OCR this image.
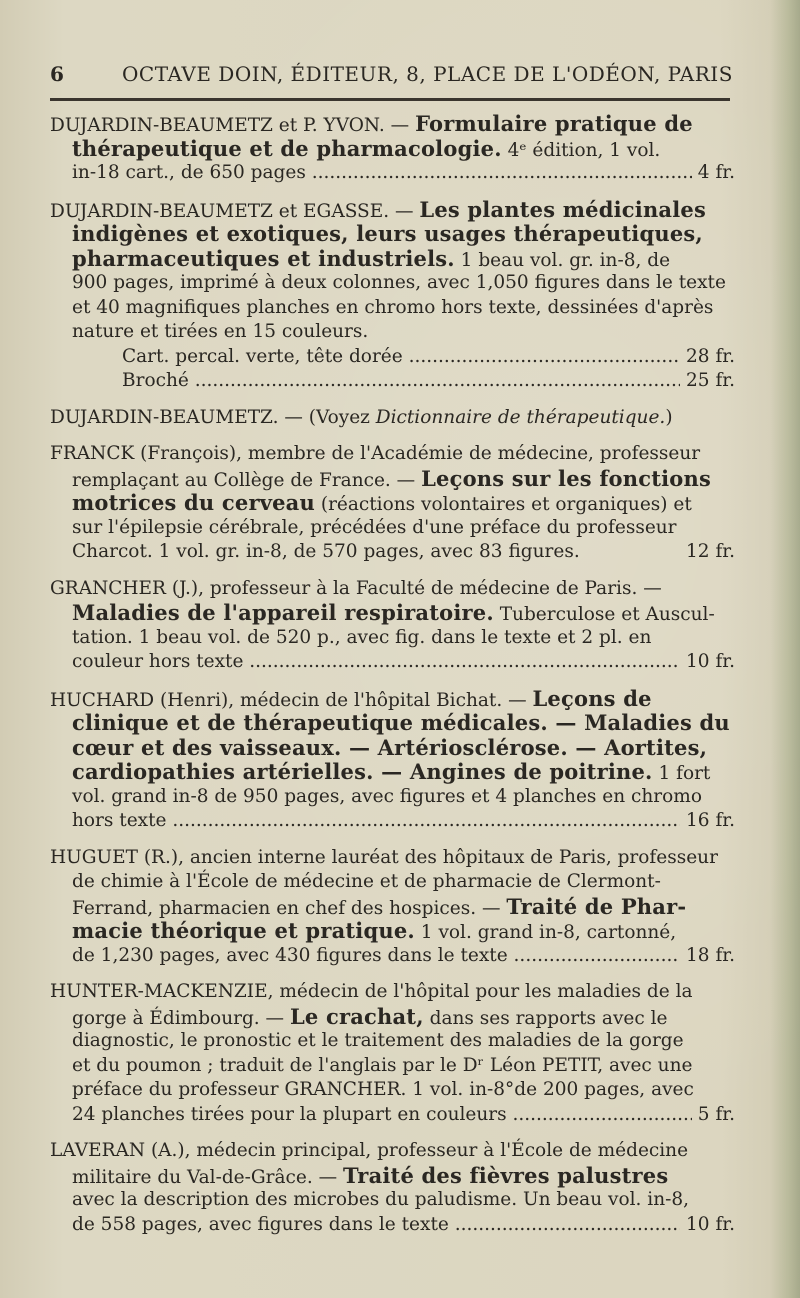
6	OCTAVE DOIN, ÉDITEUR, 8, PLACE DE L'ODÉON, PARIS
DUJARDIN-BEAUMETZ et P. YVON. — Formulaire pratique de
thérapeutique et de pharmacologie. 4ᵉ édition, 1 vol.
in-18 cart., de 650 pages .....	4 fr.
DUJARDIN-BEAUMETZ et EGASSE. — Les plantes médicinales
indigènes et exotiques, leurs usages thérapeutiques,
pharmaceutiques et industriels. 1 beau vol. gr. in-8, de
900 pages, imprimé à deux colonnes, avec 1,050 figures dans le texte
et 40 magnifiques planches en chromo hors texte, dessinées d'après
nature et tirées en 15 couleurs.
Cart. percal. verte, tête dorée .....	28 fr.
Broché .....	25 fr.
DUJARDIN-BEAUMETZ. — (Voyez Dictionnaire de thérapeutique.)
FRANCK (François), membre de l'Académie de médecine, professeur
remplaçant au Collège de France. — Leçons sur les fonctions
motrices du cerveau (réactions volontaires et organiques) et
sur l'épilepsie cérébrale, précédées d'une préface du professeur
Charcot. 1 vol. gr. in-8, de 570 pages, avec 83 figures.	12 fr.
GRANCHER (J.), professeur à la Faculté de médecine de Paris. —
Maladies de l'appareil respiratoire. Tuberculose et Auscul-
tation. 1 beau vol. de 520 p., avec fig. dans le texte et 2 pl. en
couleur hors texte .....	10 fr.
HUCHARD (Henri), médecin de l'hôpital Bichat. — Leçons de
clinique et de thérapeutique médicales. — Maladies du
cœur et des vaisseaux. — Artériosclérose. — Aortites,
cardiopathies artérielles. — Angines de poitrine. 1 fort
vol. grand in-8 de 950 pages, avec figures et 4 planches en chromo
hors texte .....	16 fr.
HUGUET (R.), ancien interne lauréat des hôpitaux de Paris, professeur
de chimie à l'École de médecine et de pharmacie de Clermont-
Ferrand, pharmacien en chef des hospices. — Traité de Phar-
macie théorique et pratique. 1 vol. grand in-8, cartonné,
de 1,230 pages, avec 430 figures dans le texte .....	18 fr.
HUNTER-MACKENZIE, médecin de l'hôpital pour les maladies de la
gorge à Édimbourg. — Le crachat, dans ses rapports avec le
diagnostic, le pronostic et le traitement des maladies de la gorge
et du poumon ; traduit de l'anglais par le Dʳ Léon PETIT, avec une
préface du professeur GRANCHER. 1 vol. in-8°de 200 pages, avec
24 planches tirées pour la plupart en couleurs .....	5 fr.
LAVERAN (A.), médecin principal, professeur à l'École de médecine
militaire du Val-de-Grâce. — Traité des fièvres palustres
avec la description des microbes du paludisme. Un beau vol. in-8,
de 558 pages, avec figures dans le texte .....	10 fr.
